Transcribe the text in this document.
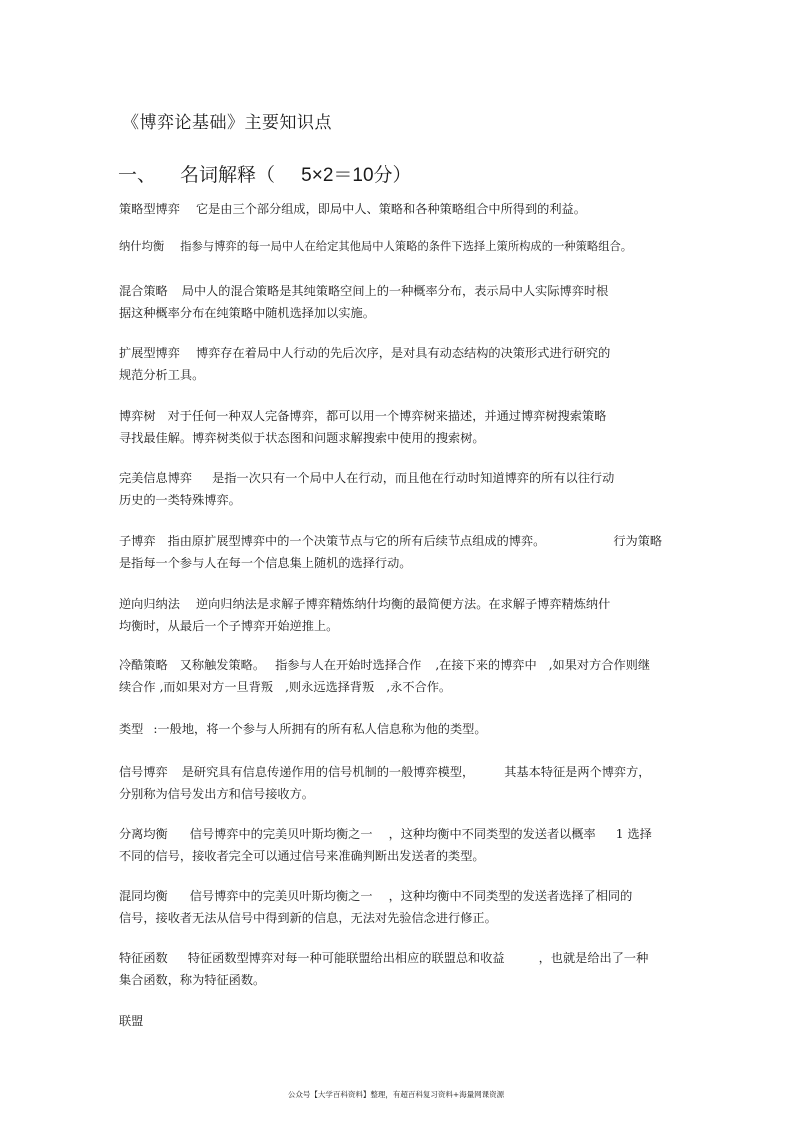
《博弈论基础》主要知识点
一、 名词解释（ 5×2＝10分）
策略型博弈 它是由三个部分组成，即局中人、策略和各种策略组合中所得到的利益。
纳什均衡 指参与博弈的每一局中人在给定其他局中人策略的条件下选择上策所构成的一种策略组合。
混合策略 局中人的混合策略是其纯策略空间上的一种概率分布，表示局中人实际博弈时根
据这种概率分布在纯策略中随机选择加以实施。
扩展型博弈 博弈存在着局中人行动的先后次序，是对具有动态结构的决策形式进行研究的
规范分析工具。
博弈树 对于任何一种双人完备博弈，都可以用一个博弈树来描述，并通过博弈树搜索策略
寻找最佳解。博弈树类似于状态图和问题求解搜索中使用的搜索树。
完美信息博弈 是指一次只有一个局中人在行动，而且他在行动时知道博弈的所有以往行动
历史的一类特殊博弈。
子博弈 指由原扩展型博弈中的一个决策节点与它的所有后续节点组成的博弈。	行为策略
是指每一个参与人在每一个信息集上随机的选择行动。
逆向归纳法 逆向归纳法是求解子博弈精炼纳什均衡的最简便方法。在求解子博弈精炼纳什
均衡时，从最后一个子博弈开始逆推上。
冷酷策略 又称触发策略。 指参与人在开始时选择合作 ,在接下来的博弈中 ,如果对方合作则继
续合作 ,而如果对方一旦背叛 ,则永远选择背叛 ,永不合作。
类型 :一般地，将一个参与人所拥有的所有私人信息称为他的类型。
信号博弈 是研究具有信息传递作用的信号机制的一般博弈模型， 其基本特征是两个博弈方，
分别称为信号发出方和信号接收方。
分离均衡 信号博弈中的完美贝叶斯均衡之一 ，这种均衡中不同类型的发送者以概率 1 选择
不同的信号，接收者完全可以通过信号来准确判断出发送者的类型。
混同均衡 信号博弈中的完美贝叶斯均衡之一 ，这种均衡中不同类型的发送者选择了相同的
信号，接收者无法从信号中得到新的信息，无法对先验信念进行修正。
特征函数 特征函数型博弈对每一种可能联盟给出相应的联盟总和收益	，也就是给出了一种
集合函数，称为特征函数。
联盟
公众号【大学百科资料】整理，有超百科复习资料+海量网课资源
